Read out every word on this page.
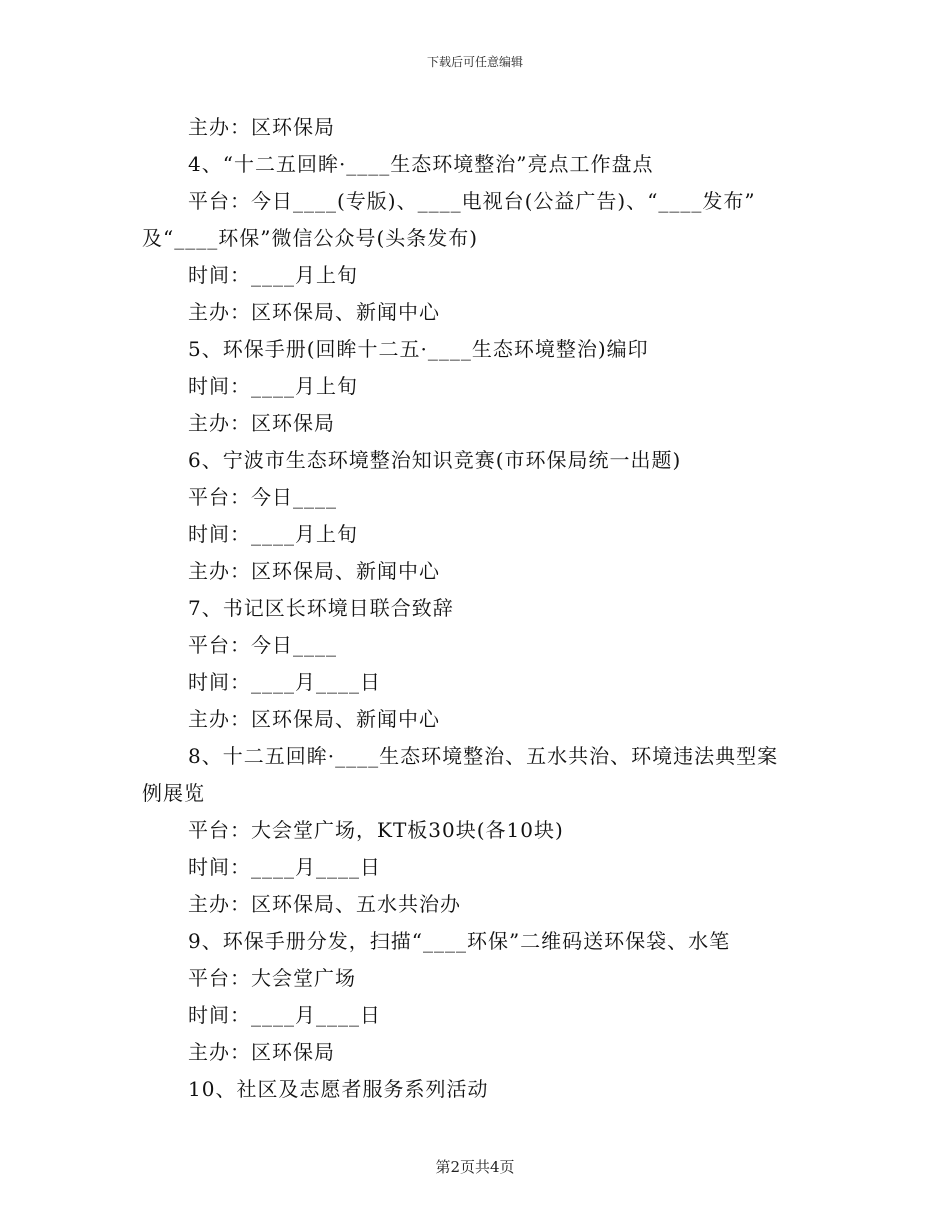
下载后可任意编辑
主办：区环保局
4、“十二五回眸·____生态环境整治”亮点工作盘点
平台：今日____(专版)、____电视台(公益广告)、“____发布”
及“____环保”微信公众号(头条发布)
时间：____月上旬
主办：区环保局、新闻中心
5、环保手册(回眸十二五·____生态环境整治)编印
时间：____月上旬
主办：区环保局
6、宁波市生态环境整治知识竞赛(市环保局统一出题)
平台：今日____
时间：____月上旬
主办：区环保局、新闻中心
7、书记区长环境日联合致辞
平台：今日____
时间：____月____日
主办：区环保局、新闻中心
8、十二五回眸·____生态环境整治、五水共治、环境违法典型案
例展览
平台：大会堂广场，KT板30块(各10块)
时间：____月____日
主办：区环保局、五水共治办
9、环保手册分发，扫描“____环保”二维码送环保袋、水笔
平台：大会堂广场
时间：____月____日
主办：区环保局
10、社区及志愿者服务系列活动
第2页共4页
